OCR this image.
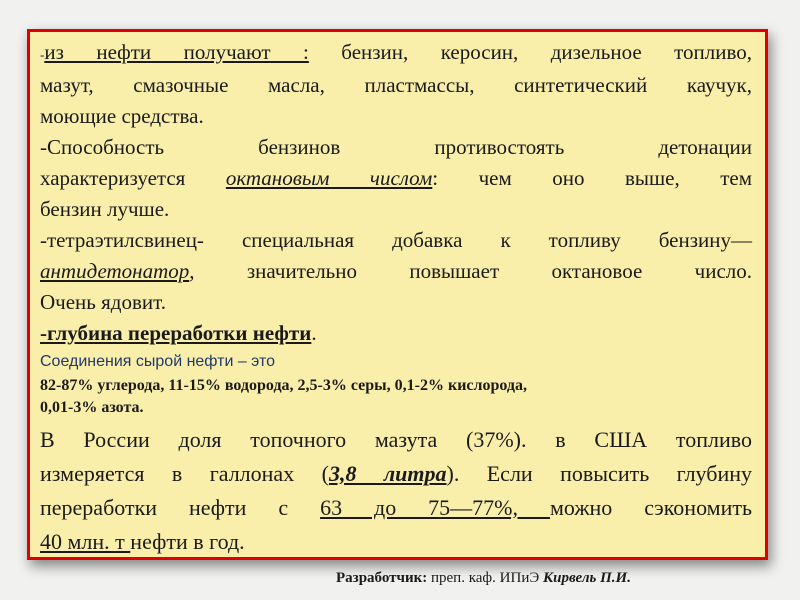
-из нефти получают : бензин, керосин, дизельное топливо,
мазут, смазочные масла, пластмассы, синтетический каучук,
моющие средства.
-Способность бензинов противостоять детонации
характеризуется октановым числом: чем оно выше, тем
бензин лучше.
-тетраэтилсвинец- специальная добавка к топливу бензину—
антидетонатор, значительно повышает октановое число.
Очень ядовит.
-глубина переработки нефти.
Соединения сырой нефти – это
82-87% углерода, 11-15% водорода, 2,5-3% серы, 0,1-2% кислорода,
0,01-3% азота.
В России доля топочного мазута (37%). в США топливо
измеряется в галлонах (3,8 литра). Если повысить глубину
переработки нефти с 63 до 75—77%, можно сэкономить
40 млн. т нефти в год.
Разработчик: преп. каф. ИПиЭ Кирвель П.И.
